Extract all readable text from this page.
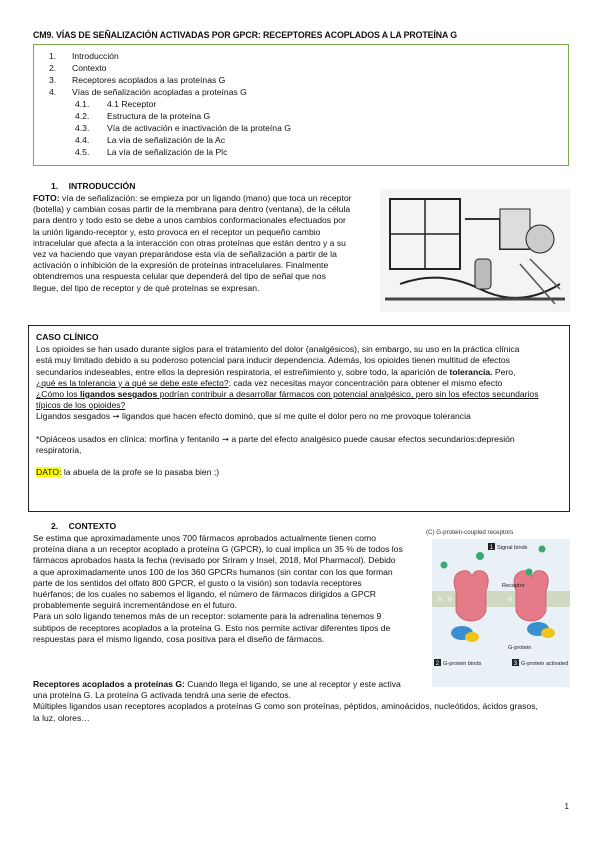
CM9. VÍAS DE SEÑALIZACIÓN ACTIVADAS POR GPCR: RECEPTORES ACOPLADOS A LA PROTEÍNA G
1. Introducción
2. Contexto
3. Receptores acoplados a las proteínas G
4. Vías de señalización acopladas a proteínas G
4.1. 4.1 Receptor
4.2. Estructura de la proteína G
4.3. Vía de activación e inactivación de la proteína G
4.4. La vía de señalización de la Ac
4.5. La vía de señalización de la Plc
1. INTRODUCCIÓN

FOTO: vía de señalización: se empieza por un ligando (mano) que toca un receptor

(botella) y cambian cosas partir de la membrana para dentro (ventana), de la célula

para dentro y todo esto se debe a unos cambios conformacionales efectuados por

la unión ligando-receptor y, esto provoca en el receptor un pequeño cambio

intracelular que afecta a la interacción con otras proteínas que están dentro y a su

vez va haciendo que vayan preparándose esta vía de señalización a partir de la

activación o inhibición de la expresión de proteínas intracelulares. Finalmente

obtendremos una respuesta celular que dependerá del tipo de señal que nos

llegue, del tipo de receptor y de qué proteínas se expresan.

CASO CLÍNICO

Los opioides se han usado durante siglos para el tratamiento del dolor (analgésicos), sin embargo, su uso en la práctica clínica

está muy limitado debido a su poderoso potencial para inducir dependencia. Además, los opioides tienen multitud de efectos

secundarios indeseables, entre ellos la depresión respiratoria, el estreñimiento y, sobre todo, la aparición de tolerancia. Pero,

¿qué es la tolerancia y a qué se debe este efecto?: cada vez necesitas mayor concentración para obtener el mismo efecto

¿Cómo los ligandos sesgados podrían contribuir a desarrollar fármacos con potencial analgésico, pero sin los efectos secundarios

típicos de los opioides?

Ligandos sesgados ➞ ligandos que hacen efecto dominó, que sí me quite el dolor pero no me provoque tolerancia

*Opiáceos usados en clínica: morfina y fentanilo ➞ a parte del efecto analgésico puede causar efectos secundarios:depresión

respiratoria,

DATO: la abuela de la profe se lo pasaba bien ;)

2. CONTEXTO

Se estima que aproximadamente unos 700 fármacos aprobados actualmente tienen como

proteína diana a un receptor acoplado a proteína G (GPCR), lo cual implica un 35 % de todos los

fármacos aprobados hasta la fecha (revisado por Sriram y Insel, 2018, Mol Pharmacol). Debido

a que aproximadamente unos 100 de los 360 GPCRs humanos (sin contar con los que forman

parte de los sentidos del olfato 800 GPCR, el gusto o la visión) son todavía receptores

huérfanos; de los cuales no sabemos el ligando, el número de fármacos dirigidos a GPCR

probablemente seguirá incrementándose en el futuro.

Para un solo ligando tenemos más de un receptor: solamente para la adrenalina tenemos 9

subtipos de receptores acoplados a la proteína G. Esto nos permite activar diferentes tipos de

respuestas para el mismo ligando, cosa positiva para el diseño de fármacos.

Receptores acoplados a proteínas G: Cuando llega el ligando, se une al receptor y este activa

una proteína G. La proteína G activada tendrá una serie de efectos.

Múltiples ligandos usan receptores acoplados a proteínas G como son proteínas, péptidos, aminoácidos, nucleótidos, ácidos grasos,

la luz, olores…

(C) G-protein-coupled receptors
1 Signal binds
Receptor
G-protein
2 G-protein binds	3 G-protein activated
1
